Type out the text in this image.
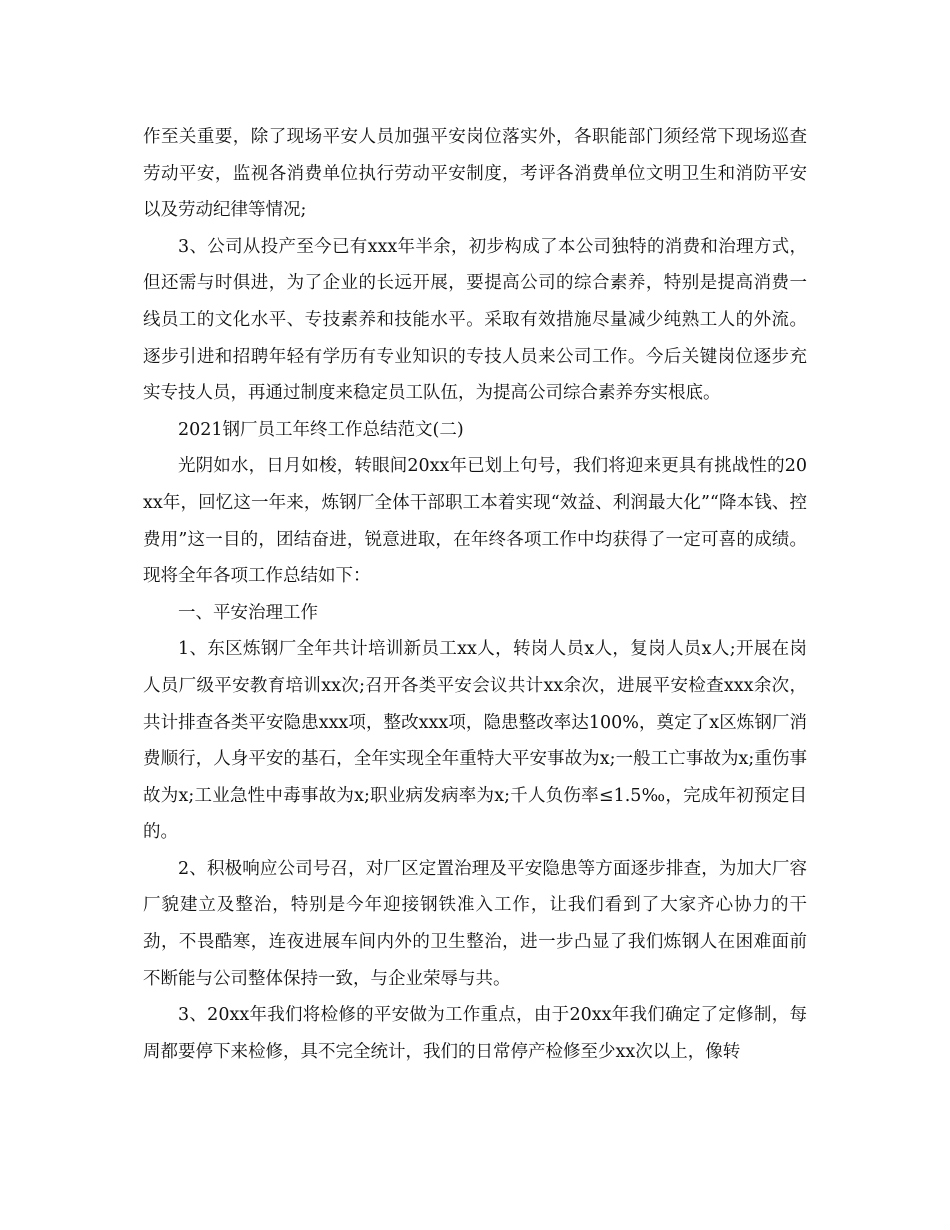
作至关重要，除了现场平安人员加强平安岗位落实外，各职能部门须经常下现场巡查劳动平安，监视各消费单位执行劳动平安制度，考评各消费单位文明卫生和消防平安以及劳动纪律等情况;

3、公司从投产至今已有xxx年半余，初步构成了本公司独特的消费和治理方式，但还需与时俱进，为了企业的长远开展，要提高公司的综合素养，特别是提高消费一线员工的文化水平、专技素养和技能水平。采取有效措施尽量减少纯熟工人的外流。逐步引进和招聘年轻有学历有专业知识的专技人员来公司工作。今后关键岗位逐步充实专技人员，再通过制度来稳定员工队伍，为提高公司综合素养夯实根底。

2021钢厂员工年终工作总结范文(二)

光阴如水，日月如梭，转眼间20xx年已划上句号，我们将迎来更具有挑战性的20xx年，回忆这一年来，炼钢厂全体干部职工本着实现“效益、利润最大化”“降本钱、控费用”这一目的，团结奋进，锐意进取，在年终各项工作中均获得了一定可喜的成绩。现将全年各项工作总结如下：

一、平安治理工作

1、东区炼钢厂全年共计培训新员工xx人，转岗人员x人，复岗人员x人;开展在岗人员厂级平安教育培训xx次;召开各类平安会议共计xx余次，进展平安检查xxx余次，共计排查各类平安隐患xxx项，整改xxx项，隐患整改率达100%，奠定了x区炼钢厂消费顺行，人身平安的基石，全年实现全年重特大平安事故为x;一般工亡事故为x;重伤事故为x;工业急性中毒事故为x;职业病发病率为x;千人负伤率≤1.5‰，完成年初预定目的。

2、积极响应公司号召，对厂区定置治理及平安隐患等方面逐步排查，为加大厂容厂貌建立及整治，特别是今年迎接钢铁准入工作，让我们看到了大家齐心协力的干劲，不畏酷寒，连夜进展车间内外的卫生整治，进一步凸显了我们炼钢人在困难面前不断能与公司整体保持一致，与企业荣辱与共。

3、20xx年我们将检修的平安做为工作重点，由于20xx年我们确定了定修制，每周都要停下来检修，具不完全统计，我们的日常停产检修至少xx次以上，像转
